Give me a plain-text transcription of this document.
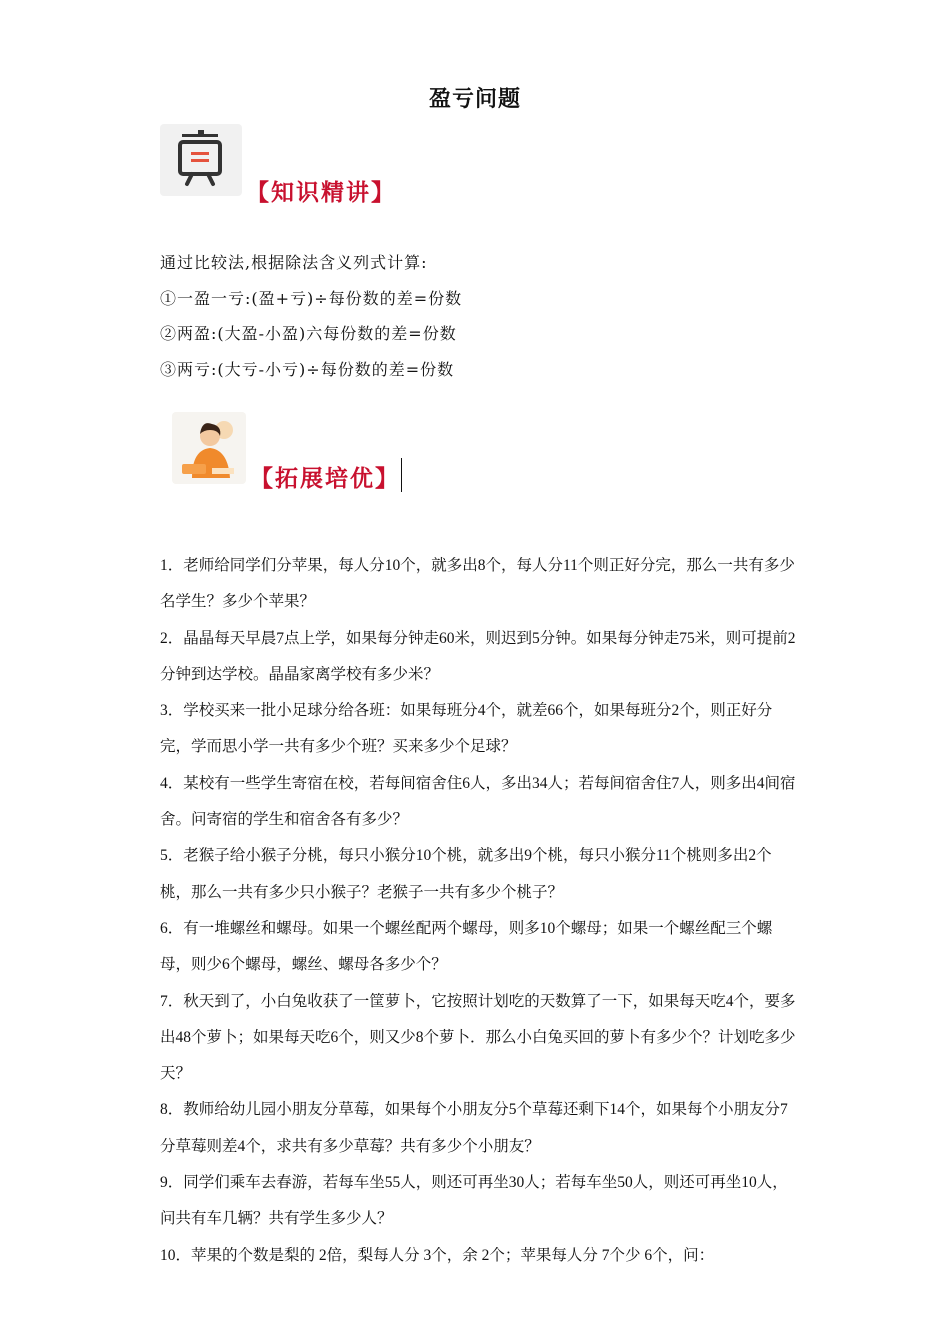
盈亏问题
【知识精讲】
通过比较法,根据除法含义列式计算:
①一盈一亏:(盈+亏)÷每份数的差=份数
②两盈:(大盈-小盈)六每份数的差=份数
③两亏:(大亏-小亏)÷每份数的差=份数
【拓展培优】

1．老师给同学们分苹果，每人分10个，就多出8个，每人分11个则正好分完，那么一共有多少名学生？多少个苹果？

2．晶晶每天早晨7点上学，如果每分钟走60米，则迟到5分钟。如果每分钟走75米，则可提前2分钟到达学校。晶晶家离学校有多少米？

3．学校买来一批小足球分给各班：如果每班分4个，就差66个，如果每班分2个，则正好分完，学而思小学一共有多少个班？买来多少个足球？

4．某校有一些学生寄宿在校，若每间宿舍住6人，多出34人；若每间宿舍住7人，则多出4间宿舍。问寄宿的学生和宿舍各有多少？

5．老猴子给小猴子分桃，每只小猴分10个桃，就多出9个桃，每只小猴分11个桃则多出2个桃，那么一共有多少只小猴子？老猴子一共有多少个桃子？

6．有一堆螺丝和螺母。如果一个螺丝配两个螺母，则多10个螺母；如果一个螺丝配三个螺母，则少6个螺母，螺丝、螺母各多少个？

7．秋天到了，小白兔收获了一筐萝卜，它按照计划吃的天数算了一下，如果每天吃4个，要多出48个萝卜；如果每天吃6个，则又少8个萝卜．那么小白兔买回的萝卜有多少个？计划吃多少天？

8．教师给幼儿园小朋友分草莓，如果每个小朋友分5个草莓还剩下14个，如果每个小朋友分7分草莓则差4个，求共有多少草莓？共有多少个小朋友？

9．同学们乘车去春游，若每车坐55人，则还可再坐30人；若每车坐50人，则还可再坐10人，问共有车几辆？共有学生多少人？

10．苹果的个数是梨的 2倍，梨每人分 3个，余 2个；苹果每人分 7个少 6个，问：
